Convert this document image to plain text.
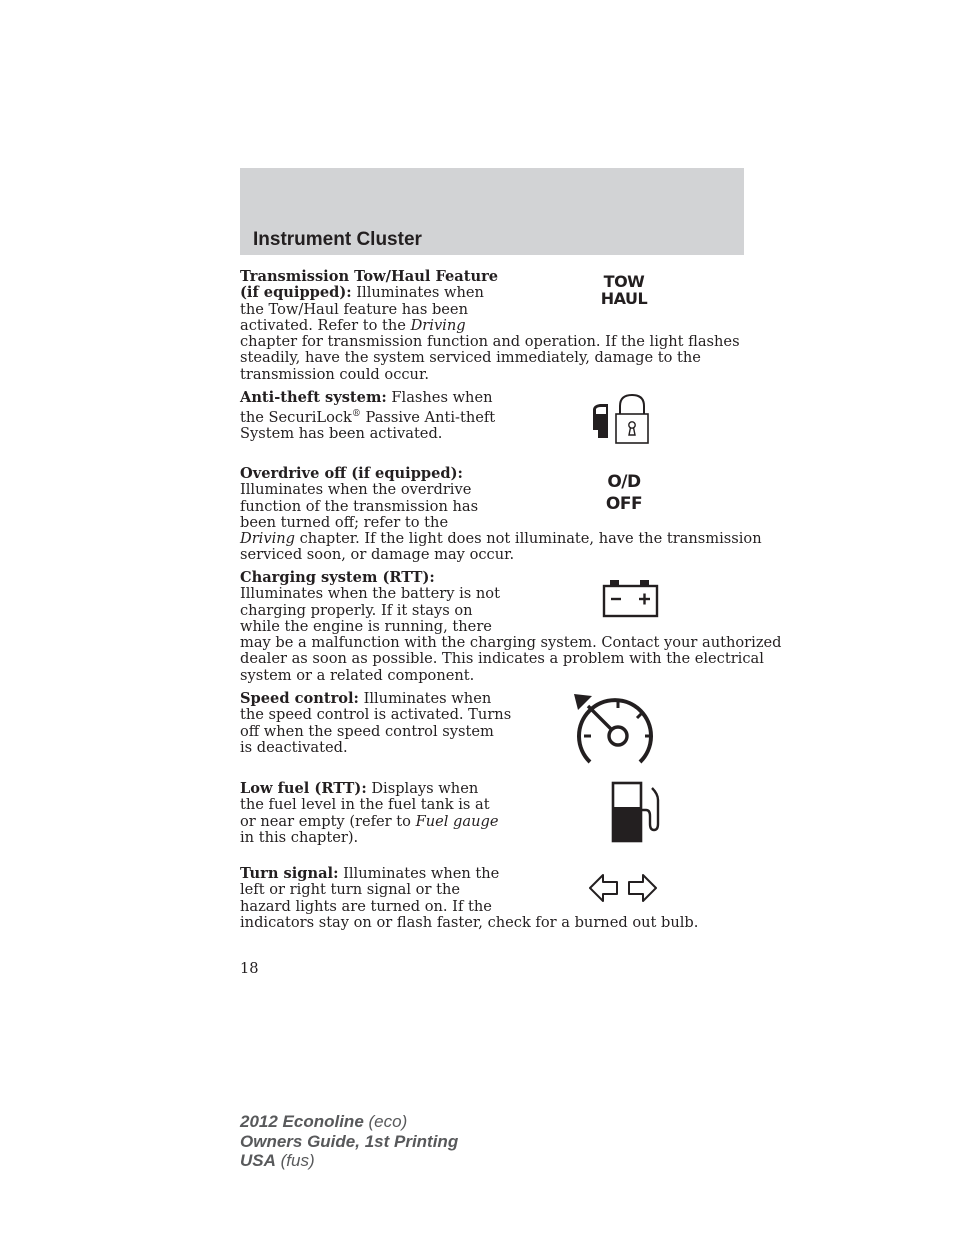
Instrument Cluster
Transmission Tow/Haul Feature
(if equipped): Illuminates when
the Tow/Haul feature has been
activated. Refer to the Driving
chapter for transmission function and operation. If the light flashes
steadily, have the system serviced immediately, damage to the
transmission could occur.
TOW
HAUL
Anti-theft system: Flashes when
the SecuriLock® Passive Anti-theft
System has been activated.
Overdrive off (if equipped):
Illuminates when the overdrive
function of the transmission has
been turned off; refer to the
Driving chapter. If the light does not illuminate, have the transmission
serviced soon, or damage may occur.
O/D
OFF
Charging system (RTT):
Illuminates when the battery is not
charging properly. If it stays on
while the engine is running, there
may be a malfunction with the charging system. Contact your authorized
dealer as soon as possible. This indicates a problem with the electrical
system or a related component.
Speed control: Illuminates when
the speed control is activated. Turns
off when the speed control system
is deactivated.
Low fuel (RTT): Displays when
the fuel level in the fuel tank is at
or near empty (refer to Fuel gauge
in this chapter).
Turn signal: Illuminates when the
left or right turn signal or the
hazard lights are turned on. If the
indicators stay on or flash faster, check for a burned out bulb.
18
2012 Econoline (eco)
Owners Guide, 1st Printing
USA (fus)
